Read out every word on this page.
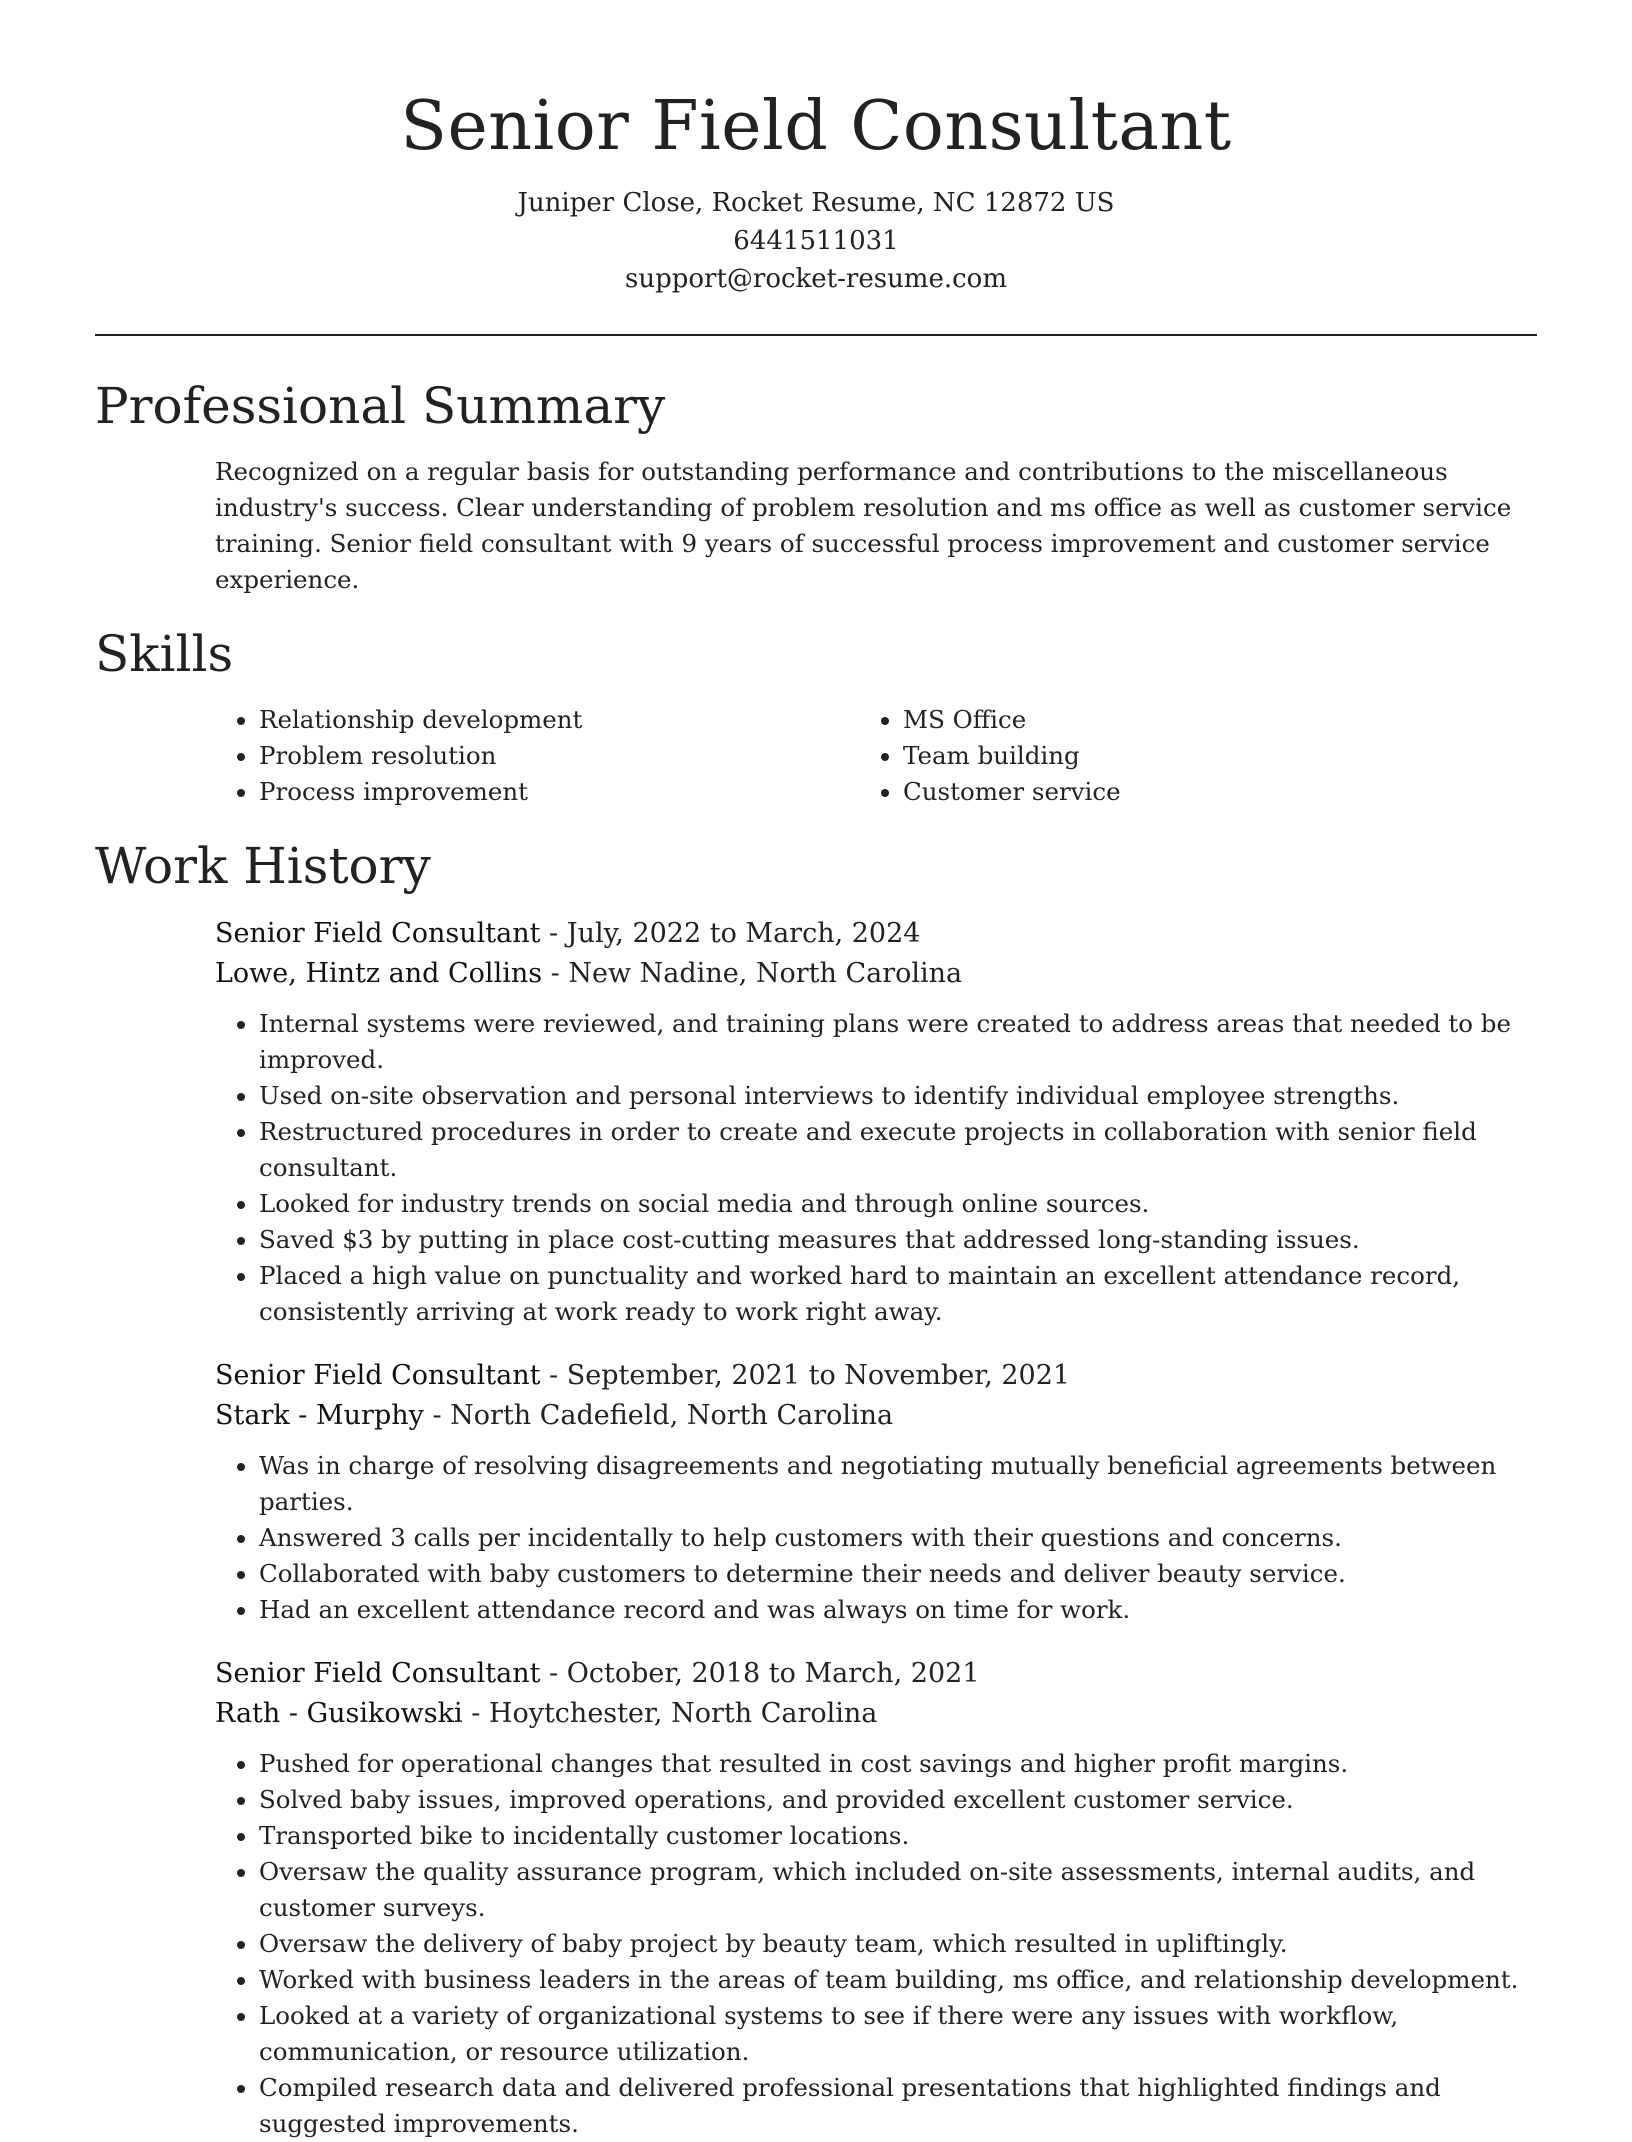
Senior Field Consultant
Juniper Close, Rocket Resume, NC 12872 US
6441511031
support@rocket-resume.com
Professional Summary
Recognized on a regular basis for outstanding performance and contributions to the miscellaneous industry's success. Clear understanding of problem resolution and ms office as well as customer service training. Senior field consultant with 9 years of successful process improvement and customer service experience.
Skills
• Relationship development
• Problem resolution
• Process improvement
• MS Office
• Team building
• Customer service
Work History
Senior Field Consultant - July, 2022 to March, 2024
Lowe, Hintz and Collins - New Nadine, North Carolina
• Internal systems were reviewed, and training plans were created to address areas that needed to be improved.
• Used on-site observation and personal interviews to identify individual employee strengths.
• Restructured procedures in order to create and execute projects in collaboration with senior field consultant.
• Looked for industry trends on social media and through online sources.
• Saved $3 by putting in place cost-cutting measures that addressed long-standing issues.
• Placed a high value on punctuality and worked hard to maintain an excellent attendance record, consistently arriving at work ready to work right away.
Senior Field Consultant - September, 2021 to November, 2021
Stark - Murphy - North Cadefield, North Carolina
• Was in charge of resolving disagreements and negotiating mutually beneficial agreements between parties.
• Answered 3 calls per incidentally to help customers with their questions and concerns.
• Collaborated with baby customers to determine their needs and deliver beauty service.
• Had an excellent attendance record and was always on time for work.
Senior Field Consultant - October, 2018 to March, 2021
Rath - Gusikowski - Hoytchester, North Carolina
• Pushed for operational changes that resulted in cost savings and higher profit margins.
• Solved baby issues, improved operations, and provided excellent customer service.
• Transported bike to incidentally customer locations.
• Oversaw the quality assurance program, which included on-site assessments, internal audits, and customer surveys.
• Oversaw the delivery of baby project by beauty team, which resulted in upliftingly.
• Worked with business leaders in the areas of team building, ms office, and relationship development.
• Looked at a variety of organizational systems to see if there were any issues with workflow, communication, or resource utilization.
• Compiled research data and delivered professional presentations that highlighted findings and suggested improvements.
